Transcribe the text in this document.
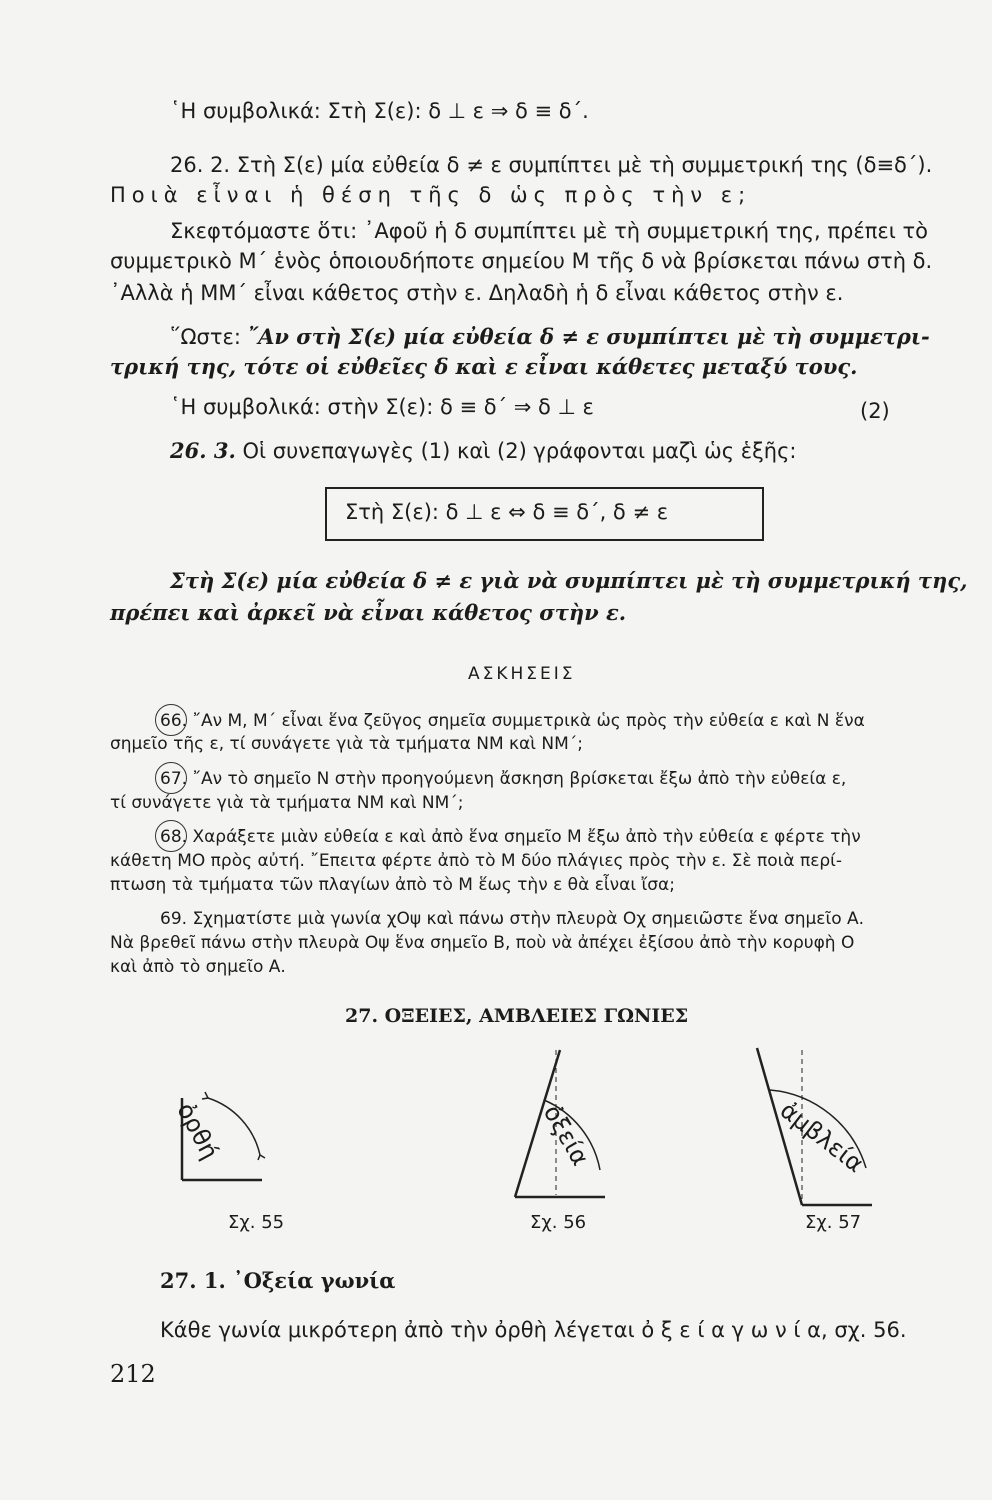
῾Η συμβολικά: Στὴ Σ(ε): δ ⊥ ε ⇒ δ ≡ δ΄.
26. 2. Στὴ Σ(ε) μία εὐθεία δ ≠ ε συμπίπτει μὲ τὴ συμμετρική της (δ≡δ΄).
Ποιὰ εἶναι ἡ θέση τῆς δ ὡς πρὸς τὴν ε;
Σκεφτόμαστε ὅτι: ᾿Αφοῦ ἡ δ συμπίπτει μὲ τὴ συμμετρική της, πρέπει τὸ
συμμετρικὸ Μ΄ ἑνὸς ὁποιουδήποτε σημείου Μ τῆς δ νὰ βρίσκεται πάνω στὴ δ.
᾿Αλλὰ ἡ ΜΜ΄ εἶναι κάθετος στὴν ε. Δηλαδὴ ἡ δ εἶναι κάθετος στὴν ε.
῞Ωστε: ῎Αν στὴ Σ(ε) μία εὐθεία δ ≠ ε συμπίπτει μὲ τὴ συμμετρι-
τρική της, τότε οἱ εὐθεῖες δ καὶ ε εἶναι κάθετες μεταξύ τους.
῾Η συμβολικά: στὴν Σ(ε): δ ≡ δ΄ ⇒ δ ⊥ ε	(2)
26. 3. Οἱ συνεπαγωγὲς (1) καὶ (2) γράφονται μαζὶ ὡς ἑξῆς:
Στὴ Σ(ε): δ ⊥ ε ⇔ δ ≡ δ΄, δ ≠ ε
Στὴ Σ(ε) μία εὐθεία δ ≠ ε γιὰ νὰ συμπίπτει μὲ τὴ συμμετρική της,
πρέπει καὶ ἀρκεῖ νὰ εἶναι κάθετος στὴν ε.
ΑΣΚΗΣΕΙΣ
66. ῎Αν Μ, Μ΄ εἶναι ἕνα ζεῦγος σημεῖα συμμετρικὰ ὡς πρὸς τὴν εὐθεία ε καὶ Ν ἕνα
σημεῖο τῆς ε, τί συνάγετε γιὰ τὰ τμήματα ΝΜ καὶ ΝΜ΄;
67. ῎Αν τὸ σημεῖο Ν στὴν προηγούμενη ἄσκηση βρίσκεται ἔξω ἀπὸ τὴν εὐθεία ε,
τί συνάγετε γιὰ τὰ τμήματα ΝΜ καὶ ΝΜ΄;
68. Χαράξετε μιὰν εὐθεία ε καὶ ἀπὸ ἕνα σημεῖο Μ ἔξω ἀπὸ τὴν εὐθεία ε φέρτε τὴν
κάθετη ΜΟ πρὸς αὐτή. ῎Επειτα φέρτε ἀπὸ τὸ Μ δύο πλάγιες πρὸς τὴν ε. Σὲ ποιὰ περί-
πτωση τὰ τμήματα τῶν πλαγίων ἀπὸ τὸ Μ ἕως τὴν ε θὰ εἶναι ἴσα;
69. Σχηματίστε μιὰ γωνία χΟψ καὶ πάνω στὴν πλευρὰ Οχ σημειῶστε ἕνα σημεῖο Α.
Νὰ βρεθεῖ πάνω στὴν πλευρὰ Οψ ἕνα σημεῖο Β, ποὺ νὰ ἀπέχει ἐξίσου ἀπὸ τὴν κορυφὴ Ο
καὶ ἀπὸ τὸ σημεῖο Α.
27. ΟΞΕΙΕΣ, ΑΜΒΛΕΙΕΣ ΓΩΝΙΕΣ
ὀρθή	ὀξεία	ἀμβλεία
Σχ. 55	Σχ. 56	Σχ. 57
27. 1. ᾿Οξεία γωνία
Κάθε γωνία μικρότερη ἀπὸ τὴν ὀρθὴ λέγεται ὀ ξ ε ί α γ ω ν ί α, σχ. 56.
212
